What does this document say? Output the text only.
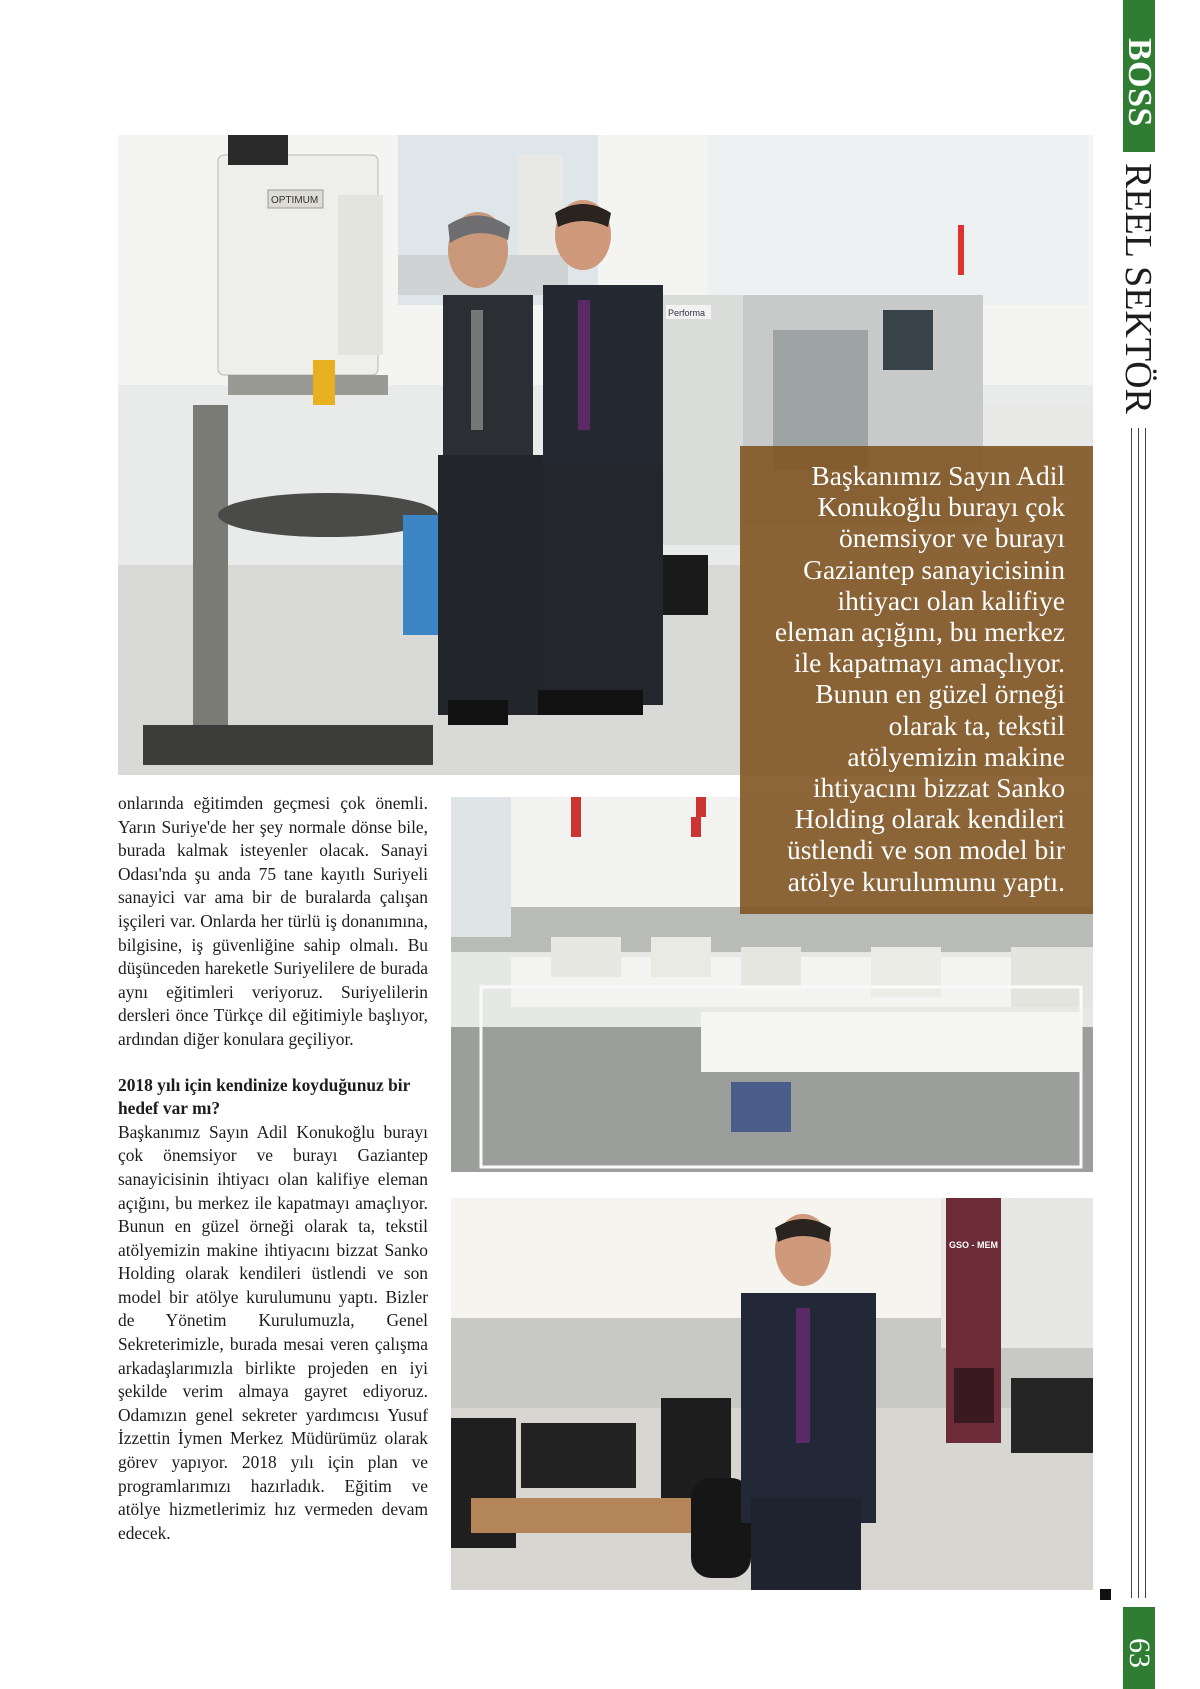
BOSS
REEL SEKTÖR
63
OPTIMUM
Performa
GSO - MEM

Başkanımız Sayın Adil Konukoğlu burayı çok önemsiyor ve burayı Gaziantep sanayicisinin ihtiyacı olan kalifiye eleman açığını, bu merkez ile kapatmayı amaçlıyor. Bunun en güzel örneği olarak ta, tekstil atölyemizin makine ihtiyacını bizzat Sanko Holding olarak kendileri üstlendi ve son model bir atölye kurulumunu yaptı.

onlarında eğitimden geçmesi çok önemli. Yarın Suriye'de her şey normale dönse bile, burada kalmak isteyenler olacak. Sanayi Odası'nda şu anda 75 tane kayıtlı Suriyeli sanayici var ama bir de buralarda çalışan işçileri var. Onlarda her türlü iş donanımına, bilgisine, iş güvenliğine sahip olmalı. Bu düşünceden hareketle Suriyelilere de burada aynı eğitimleri veriyoruz. Suriyelilerin dersleri önce Türkçe dil eğitimiyle başlıyor, ardından diğer konulara geçiliyor.

2018 yılı için kendinize koyduğunuz bir hedef var mı?

Başkanımız Sayın Adil Konukoğlu burayı çok önemsiyor ve burayı Gaziantep sanayicisinin ihtiyacı olan kalifiye eleman açığını, bu merkez ile kapatmayı amaçlıyor. Bunun en güzel örneği olarak ta, tekstil atölyemizin makine ihtiyacını bizzat Sanko Holding olarak kendileri üstlendi ve son model bir atölye kurulumunu yaptı. Bizler de Yönetim Kurulumuzla, Genel Sekreterimizle, burada mesai veren çalışma arkadaşlarımızla birlikte projeden en iyi şekilde verim almaya gayret ediyoruz. Odamızın genel sekreter yardımcısı Yusuf İzzettin İymen Merkez Müdürümüz olarak görev yapıyor. 2018 yılı için plan ve programlarımızı hazırladık. Eğitim ve atölye hizmetlerimiz hız vermeden devam edecek.
